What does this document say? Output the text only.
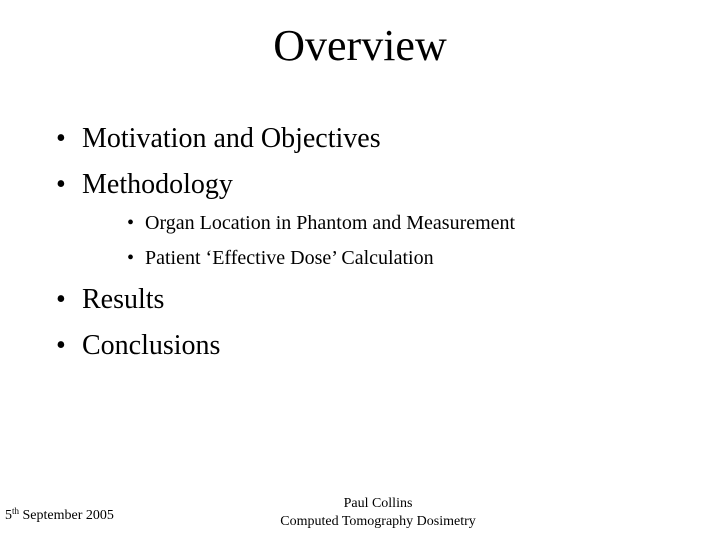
Overview
• Motivation and Objectives
• Methodology
• Organ Location in Phantom and Measurement
• Patient ‘Effective Dose’ Calculation
• Results
• Conclusions
5th September 2005
Paul Collins
Computed Tomography Dosimetry
